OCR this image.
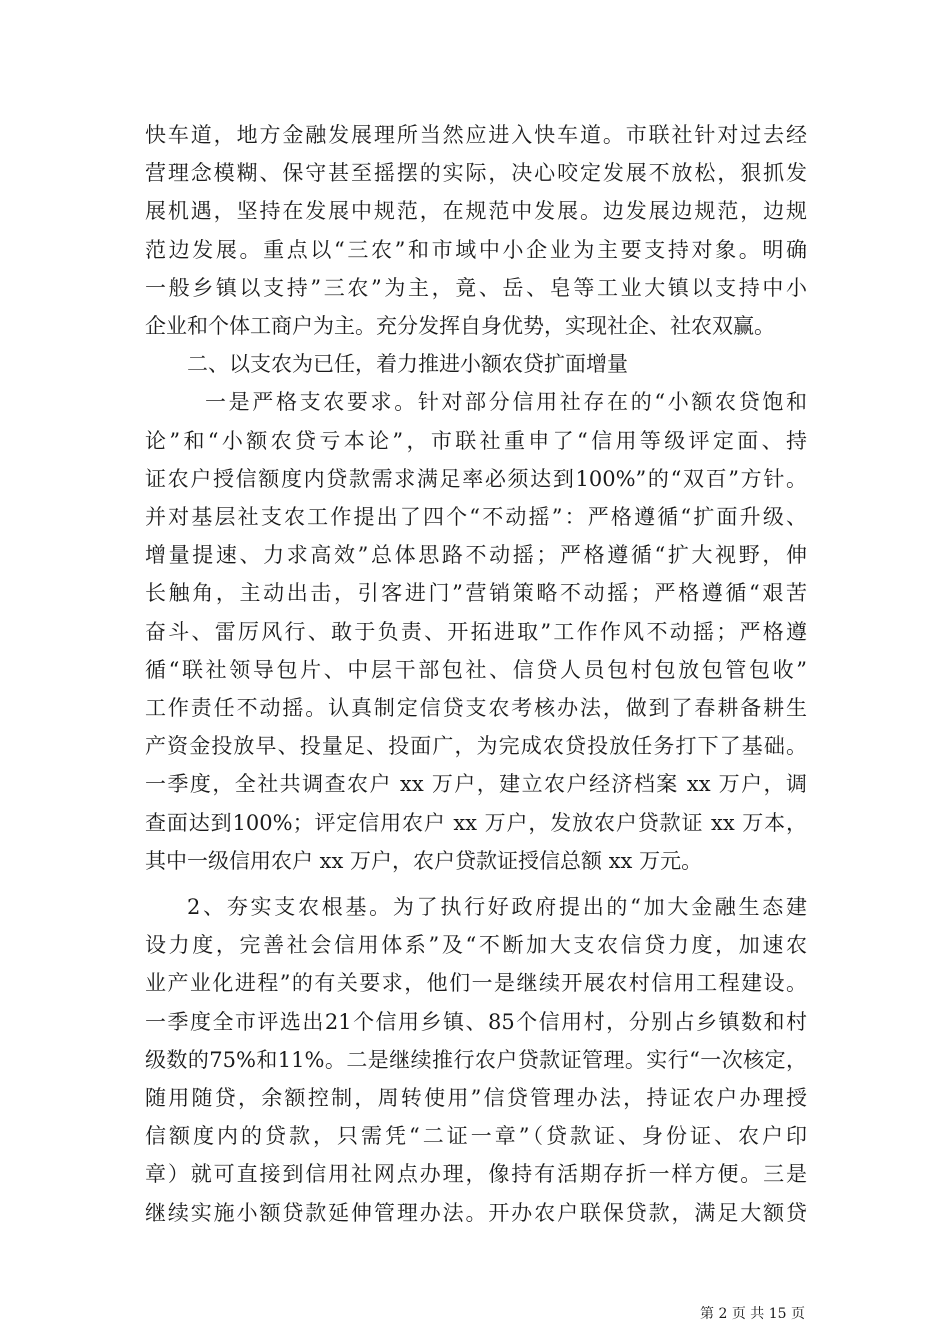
快车道，地方金融发展理所当然应进入快车道。市联社针对过去经
营理念模糊、保守甚至摇摆的实际，决心咬定发展不放松，狠抓发
展机遇，坚持在发展中规范，在规范中发展。边发展边规范，边规
范边发展。重点以“三农”和市域中小企业为主要支持对象。明确
一般乡镇以支持”三农”为主，竟、岳、皂等工业大镇以支持中小
企业和个体工商户为主。充分发挥自身优势，实现社企、社农双赢。
二、以支农为已任，着力推进小额农贷扩面增量
一是严格支农要求。针对部分信用社存在的“小额农贷饱和
论”和“小额农贷亏本论”，市联社重申了“信用等级评定面、持
证农户授信额度内贷款需求满足率必须达到100%”的“双百”方针。
并对基层社支农工作提出了四个“不动摇”：严格遵循“扩面升级、
增量提速、力求高效”总体思路不动摇；严格遵循“扩大视野，伸
长触角，主动出击，引客进门”营销策略不动摇；严格遵循“艰苦
奋斗、雷厉风行、敢于负责、开拓进取”工作作风不动摇；严格遵
循“联社领导包片、中层干部包社、信贷人员包村包放包管包收”
工作责任不动摇。认真制定信贷支农考核办法，做到了春耕备耕生
产资金投放早、投量足、投面广，为完成农贷投放任务打下了基础。
一季度，全社共调查农户 xx 万户，建立农户经济档案 xx 万户，调
查面达到100%；评定信用农户 xx 万户，发放农户贷款证 xx 万本，
其中一级信用农户 xx 万户，农户贷款证授信总额 xx 万元。
2、夯实支农根基。为了执行好政府提出的“加大金融生态建
设力度，完善社会信用体系”及“不断加大支农信贷力度，加速农
业产业化进程”的有关要求，他们一是继续开展农村信用工程建设。
一季度全市评选出21个信用乡镇、85个信用村，分别占乡镇数和村
级数的75%和11%。二是继续推行农户贷款证管理。实行“一次核定，
随用随贷，余额控制，周转使用”信贷管理办法，持证农户办理授
信额度内的贷款，只需凭“二证一章”（贷款证、身份证、农户印
章）就可直接到信用社网点办理，像持有活期存折一样方便。三是
继续实施小额贷款延伸管理办法。开办农户联保贷款，满足大额贷
第 2 页 共 15 页
